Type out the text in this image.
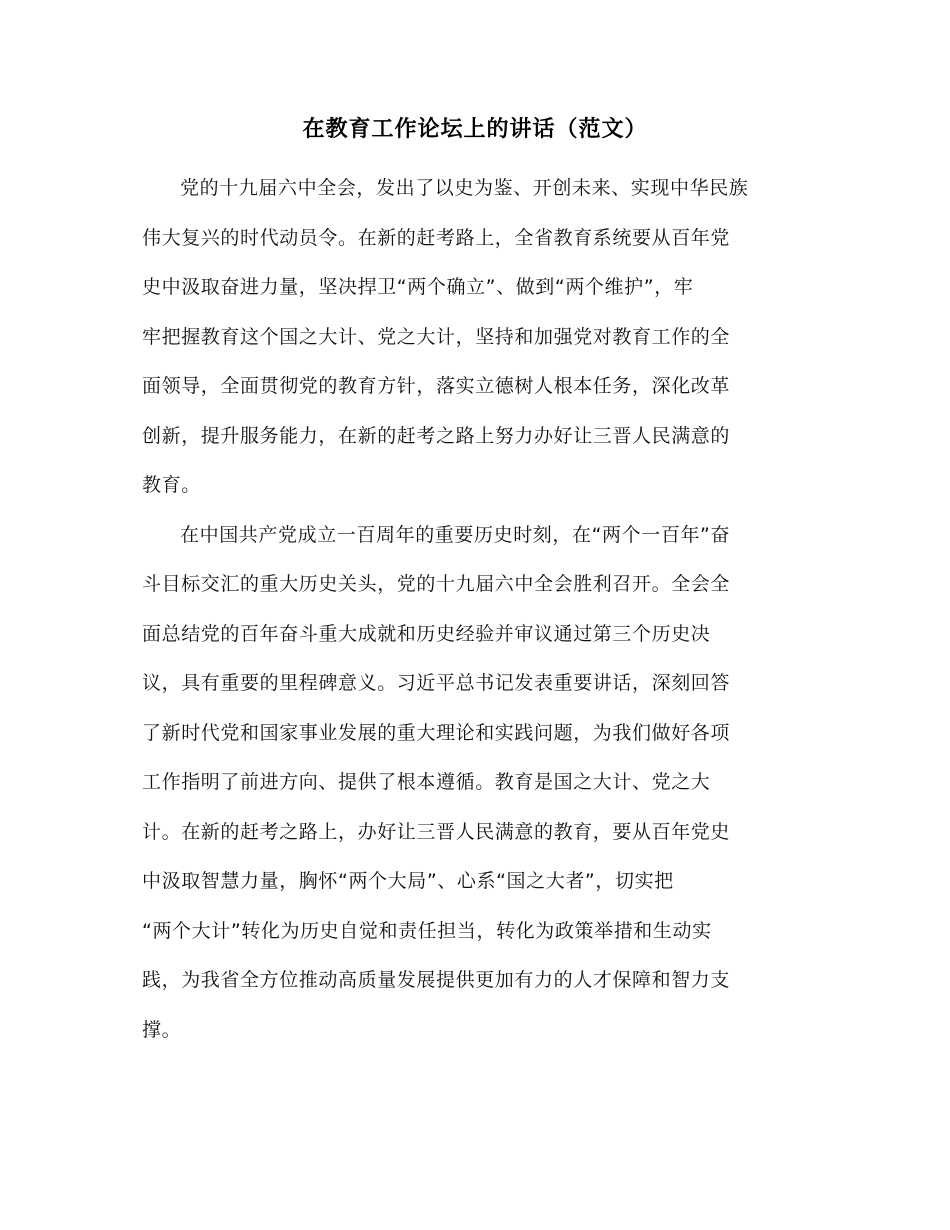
在教育工作论坛上的讲话（范文）

党的十九届六中全会，发出了以史为鉴、开创未来、实现中华民族
伟大复兴的时代动员令。在新的赶考路上，全省教育系统要从百年党
史中汲取奋进力量，坚决捍卫“两个确立”、做到“两个维护”，牢
牢把握教育这个国之大计、党之大计，坚持和加强党对教育工作的全
面领导，全面贯彻党的教育方针，落实立德树人根本任务，深化改革
创新，提升服务能力，在新的赶考之路上努力办好让三晋人民满意的
教育。

在中国共产党成立一百周年的重要历史时刻，在“两个一百年”奋
斗目标交汇的重大历史关头，党的十九届六中全会胜利召开。全会全
面总结党的百年奋斗重大成就和历史经验并审议通过第三个历史决
议，具有重要的里程碑意义。习近平总书记发表重要讲话，深刻回答
了新时代党和国家事业发展的重大理论和实践问题，为我们做好各项
工作指明了前进方向、提供了根本遵循。教育是国之大计、党之大
计。在新的赶考之路上，办好让三晋人民满意的教育，要从百年党史
中汲取智慧力量，胸怀“两个大局”、心系“国之大者”，切实把
“两个大计”转化为历史自觉和责任担当，转化为政策举措和生动实
践，为我省全方位推动高质量发展提供更加有力的人才保障和智力支
撑。
